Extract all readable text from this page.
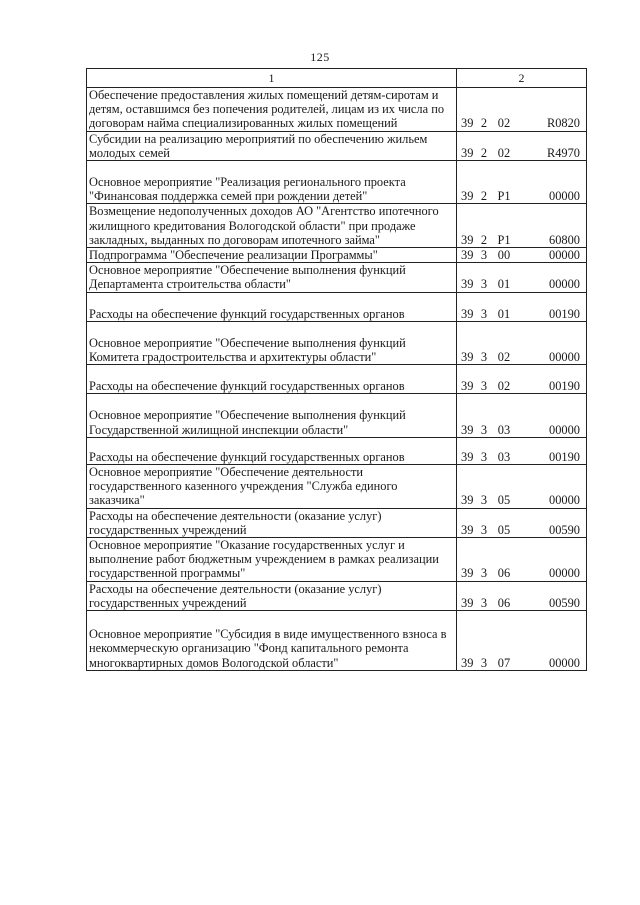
125
1	2
Обеспечение предоставления жилых помещений детям-сиротам и детям, оставшимся без попечения родителей, лицам из их числа по договорам найма специализированных жилых помещений	39 2 02 R0820

Субсидии на реализацию мероприятий по обеспечению жильем молодых семей	39 2 02 R4970

Основное мероприятие "Реализация регионального проекта "Финансовая поддержка семей при рождении детей"	39 2 P1 00000

Возмещение недополученных доходов АО "Агентство ипотечного жилищного кредитования Вологодской области" при продаже закладных, выданных по договорам ипотечного займа"	39 2 P1 60800

Подпрограмма "Обеспечение реализации Программы"	39 3 00 00000

Основное мероприятие "Обеспечение выполнения функций Департамента строительства области"	39 3 01 00000

Расходы на обеспечение функций государственных органов	39 3 01 00190

Основное мероприятие "Обеспечение выполнения функций Комитета градостроительства и архитектуры области"	39 3 02 00000

Расходы на обеспечение функций государственных органов	39 3 02 00190

Основное мероприятие "Обеспечение выполнения функций Государственной жилищной инспекции области"	39 3 03 00000

Расходы на обеспечение функций государственных органов	39 3 03 00190

Основное мероприятие "Обеспечение деятельности государственного казенного учреждения "Служба единого заказчика"	39 3 05 00000

Расходы на обеспечение деятельности (оказание услуг) государственных учреждений	39 3 05 00590

Основное мероприятие "Оказание государственных услуг и выполнение работ бюджетным учреждением в рамках реализации государственной программы"	39 3 06 00000

Расходы на обеспечение деятельности (оказание услуг) государственных учреждений	39 3 06 00590

Основное мероприятие "Субсидия в виде имущественного взноса в некоммерческую организацию "Фонд капитального ремонта многоквартирных домов Вологодской области"	39 3 07 00000
